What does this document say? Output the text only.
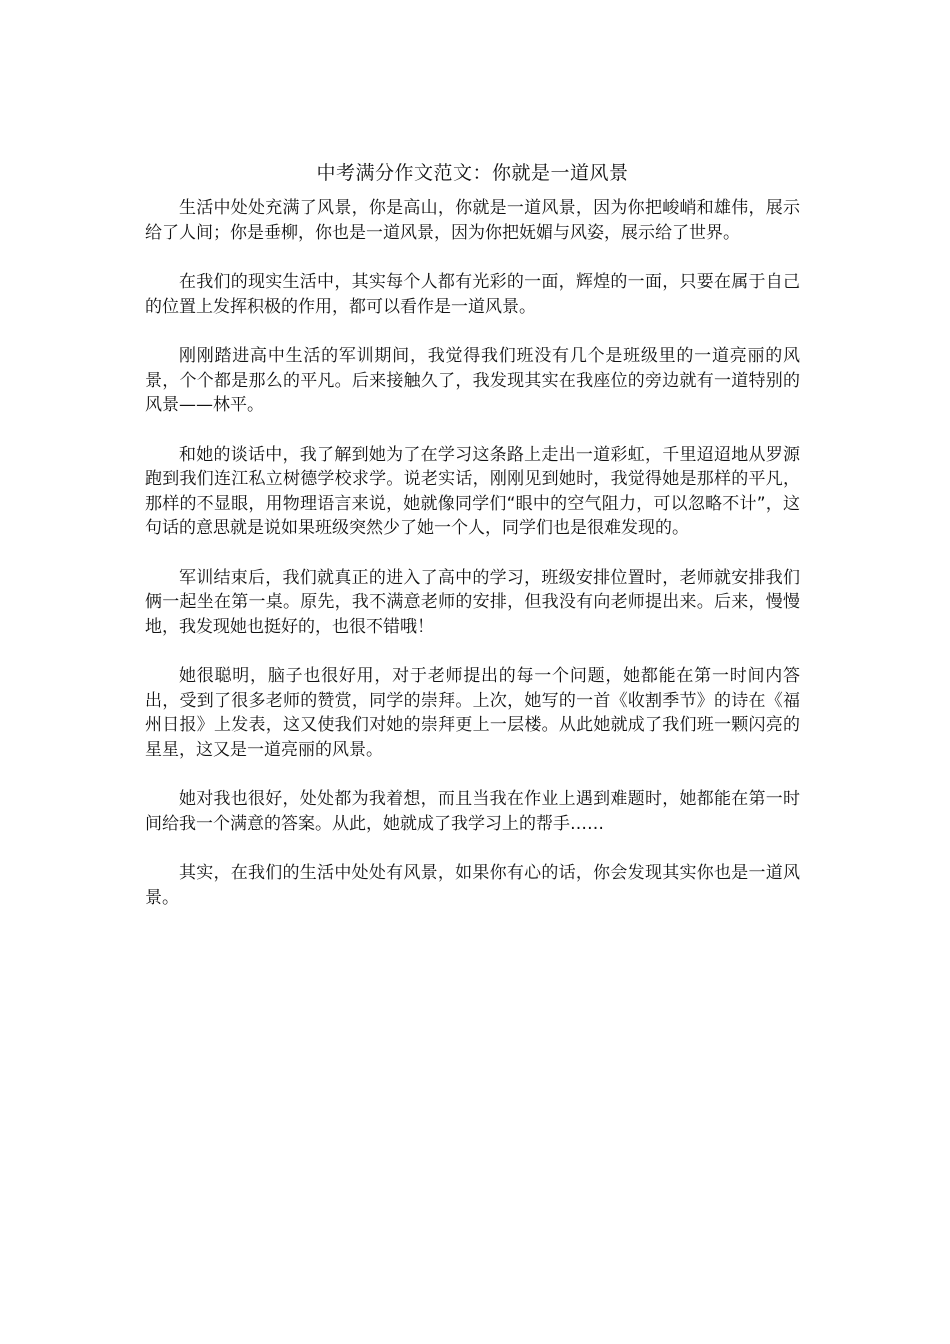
中考满分作文范文：你就是一道风景

生活中处处充满了风景，你是高山，你就是一道风景，因为你把峻峭和雄伟，展示给了人间；你是垂柳，你也是一道风景，因为你把妩媚与风姿，展示给了世界。

在我们的现实生活中，其实每个人都有光彩的一面，辉煌的一面，只要在属于自己的位置上发挥积极的作用，都可以看作是一道风景。

刚刚踏进高中生活的军训期间，我觉得我们班没有几个是班级里的一道亮丽的风景，个个都是那么的平凡。后来接触久了，我发现其实在我座位的旁边就有一道特别的风景——林平。

和她的谈话中，我了解到她为了在学习这条路上走出一道彩虹，千里迢迢地从罗源跑到我们连江私立树德学校求学。说老实话，刚刚见到她时，我觉得她是那样的平凡，那样的不显眼，用物理语言来说，她就像同学们“眼中的空气阻力，可以忽略不计”，这句话的意思就是说如果班级突然少了她一个人，同学们也是很难发现的。

军训结束后，我们就真正的进入了高中的学习，班级安排位置时，老师就安排我们俩一起坐在第一桌。原先，我不满意老师的安排，但我没有向老师提出来。后来，慢慢地，我发现她也挺好的，也很不错哦！

她很聪明，脑子也很好用，对于老师提出的每一个问题，她都能在第一时间内答出，受到了很多老师的赞赏，同学的崇拜。上次，她写的一首《收割季节》的诗在《福州日报》上发表，这又使我们对她的崇拜更上一层楼。从此她就成了我们班一颗闪亮的星星，这又是一道亮丽的风景。

她对我也很好，处处都为我着想，而且当我在作业上遇到难题时，她都能在第一时间给我一个满意的答案。从此，她就成了我学习上的帮手……

其实，在我们的生活中处处有风景，如果你有心的话，你会发现其实你也是一道风景。
